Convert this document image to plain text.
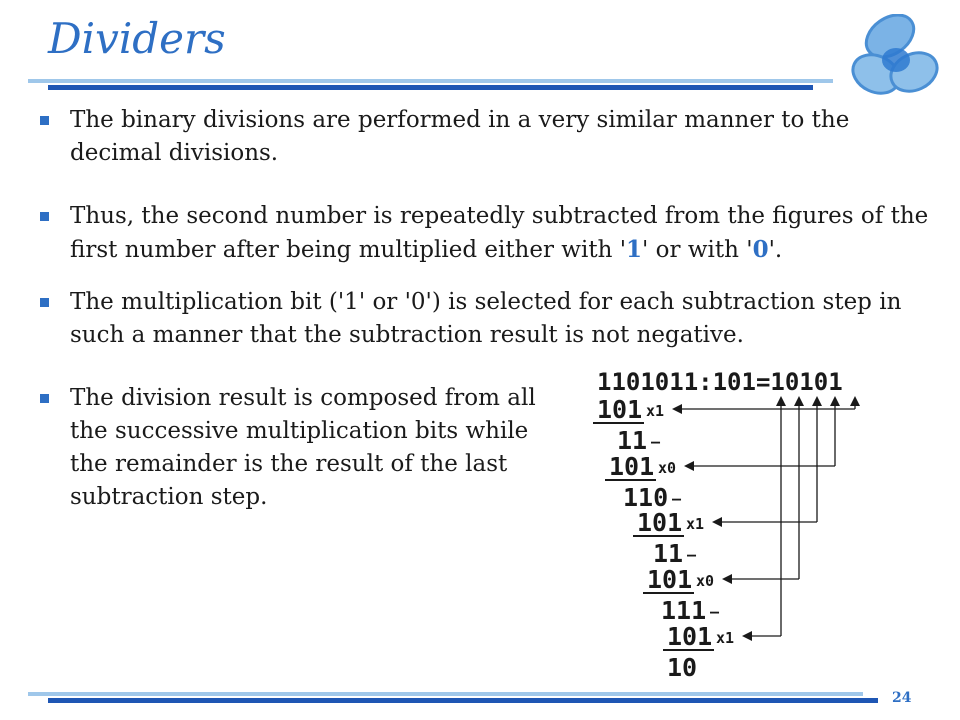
Dividers
The binary divisions are performed in a very similar manner to the decimal divisions.
Thus, the second number is repeatedly subtracted from the figures of the first number after being multiplied either with '1' or with '0'.
The multiplication bit ('1' or '0') is selected for each subtraction step in such a manner that the subtraction result is not negative.
The division result is composed from all the successive multiplication bits while the remainder is the result of the last subtraction step.
1101011:101=10101
101 x1
11 –
101 x0
110 –
101 x1
11 –
101 x0
111 –
101 x1
10
24
